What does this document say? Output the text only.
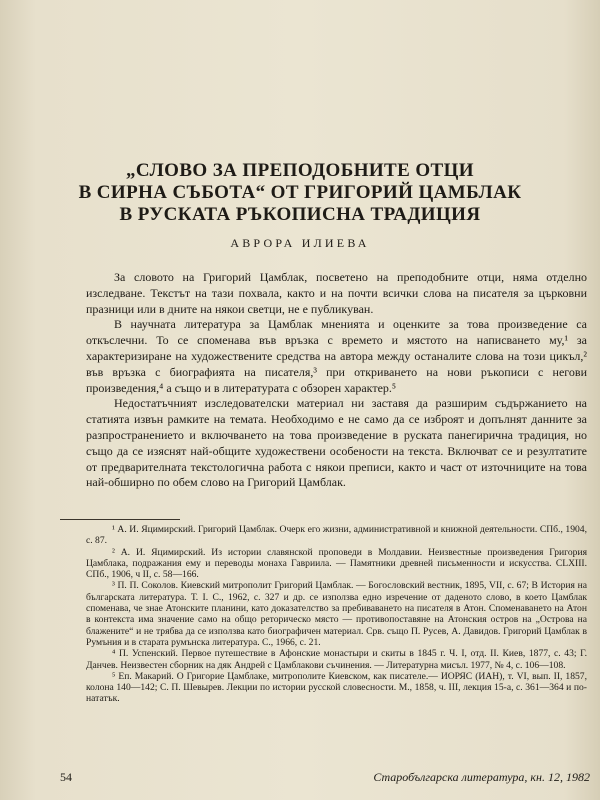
„СЛОВО ЗА ПРЕПОДОБНИТЕ ОТЦИ
В СИРНА СЪБОТА“ ОТ ГРИГОРИЙ ЦАМБЛАК
В РУСКАТА РЪКОПИСНА ТРАДИЦИЯ
АВРОРА ИЛИЕВА

За словото на Григорий Цамблак, посветено на преподобните отци, няма отделно изследване. Текстът на тази похвала, както и на почти всички слова на писателя за църковни празници или в дните на някои светци, не е публикуван.

В научната литература за Цамблак мненията и оценките за това произведение са откъслечни. То се споменава във връзка с времето и мястото на написването му,¹ за характеризиране на художествените средства на автора между останалите слова на този цикъл,² във връзка с биографията на писателя,³ при откриването на нови ръкописи с негови произведения,⁴ а също и в литературата с обзорен характер.⁵

Недостатъчният изследователски материал ни заставя да разширим съдържанието на статията извън рамките на темата. Необходимо е не само да се изброят и допълнят данните за разпространението и включването на това произведение в руската панегирична традиция, но също да се изяснят най-общите художествени особености на текста. Включват се и резултатите от предварителната текстологична работа с някои преписи, както и част от източниците на това най-обширно по обем слово на Григорий Цамблак.

¹ А. И. Яцимирский. Григорий Цамблак. Очерк его жизни, административной и книжной деятельности. СПб., 1904, с. 87.

² А. И. Яцимирский. Из истории славянской проповеди в Молдавии. Неизвестные произведения Григория Цамблака, подражания ему и переводы монаха Гавриила. — Памятники древней письменности и искусства. CLXIII. СПб., 1906, ч II, с. 58—166.

³ П. П. Соколов. Киевский митрополит Григорий Цамблак. — Богословский вестник, 1895, VII, с. 67; В История на българската литература. Т. I. С., 1962, с. 327 и др. се използва едно изречение от даденото слово, в което Цамблак споменава, че знае Атонските планини, като доказателство за пребиваването на писателя в Атон. Споменаването на Атон в контекста има значение само на общо реторическо място — противопоставяне на Атонския остров на „Острова на блажените“ и не трябва да се използва като биографичен материал. Срв. също П. Русев, А. Давидов. Григорий Цамблак в Румъния и в старата румънска литература. С., 1966, с. 21.

⁴ П. Успенский. Первое путешествие в Афонские монастыри и скиты в 1845 г. Ч. I, отд. II. Киев, 1877, с. 43; Г. Данчев. Неизвестен сборник на дяк Андрей с Цамблакови съчинения. — Литературна мисъл. 1977, № 4, с. 106—108.

⁵ Еп. Макарий. О Григорие Цамблаке, митрополите Киевском, как писателе.— ИОРЯС (ИАН), т. VI, вып. II, 1857, колона 140—142; С. П. Шевырев. Лекции по истории русской словесности. М., 1858, ч. III, лекция 15-а, с. 361—364 и по-нататък.

54	Старобългарска литература, кн. 12, 1982
